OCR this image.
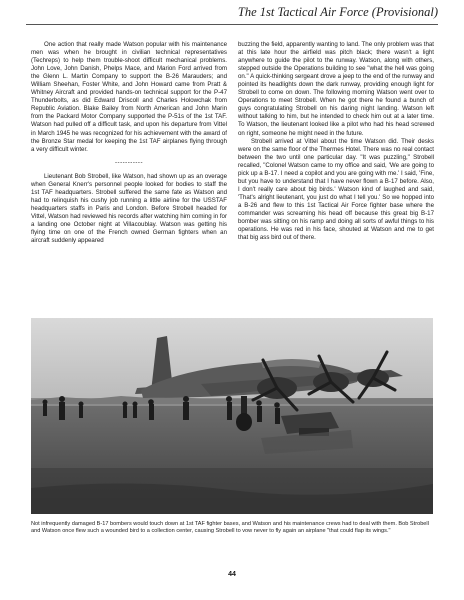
The 1st Tactical Air Force (Provisional)

One action that really made Watson popular with his maintenance men was when he brought in civilian technical representatives (Techreps) to help them trouble-shoot difficult mechanical problems. John Love, John Danish, Phelps Mace, and Marion Ford arrived from the Glenn L. Martin Company to support the B-26 Marauders; and William Sheehan, Foster White, and John Howard came from Pratt & Whitney Aircraft and provided hands-on technical support for the P-47 Thunderbolts, as did Edward Driscoll and Charles Holowchak from Republic Aviation. Blake Bailey from North American and John Marin from the Packard Motor Company supported the P-51s of the 1st TAF. Watson had pulled off a difficult task, and upon his departure from Vittel in March 1945 he was recognized for his achievement with the award of the Bronze Star medal for keeping the 1st TAF airplanes flying through a very difficult winter.

-----------

Lieutenant Bob Strobell, like Watson, had shown up as an overage when General Knerr's personnel people looked for bodies to staff the 1st TAF headquarters. Strobell suffered the same fate as Watson and had to relinquish his cushy job running a little airline for the USSTAF headquarters staffs in Paris and London. Before Strobell headed for Vittel, Watson had reviewed his records after watching him coming in for a landing one October night at Villacoublay. Watson was getting his flying time on one of the French owned German fighters when an aircraft suddenly appeared

buzzing the field, apparently wanting to land. The only problem was that at this late hour the airfield was pitch black; there wasn't a light anywhere to guide the pilot to the runway. Watson, along with others, stepped outside the Operations building to see "what the hell was going on." A quick-thinking sergeant drove a jeep to the end of the runway and pointed its headlights down the dark runway, providing enough light for Strobell to come on down. The following morning Watson went over to Operations to meet Strobell. When he got there he found a bunch of guys congratulating Strobell on his daring night landing. Watson left without talking to him, but he intended to check him out at a later time. To Watson, the lieutenant looked like a pilot who had his head screwed on right, someone he might need in the future.

Strobell arrived at Vittel about the time Watson did. Their desks were on the same floor of the Thermes Hotel. There was no real contact between the two until one particular day. "It was puzzling," Strobell recalled, "Colonel Watson came to my office and said, 'We are going to pick up a B-17. I need a copilot and you are going with me.' I said, 'Fine, but you have to understand that I have never flown a B-17 before. Also, I don't really care about big birds.' Watson kind of laughed and said, 'That's alright lieutenant, you just do what I tell you.' So we hopped into a B-26 and flew to this 1st Tactical Air Force fighter base where the commander was screaming his head off because this great big B-17 bomber was sitting on his ramp and doing all sorts of awful things to his operations. He was red in his face, shouted at Watson and me to get that big ass bird out of there.

Not infrequently damaged B-17 bombers would touch down at 1st TAF fighter bases, and Watson and his maintenance crews had to deal with them. Bob Strobell and Watson once flew such a wounded bird to a collection center, causing Strobell to vow never to fly again an airplane "that could flap its wings."
44
